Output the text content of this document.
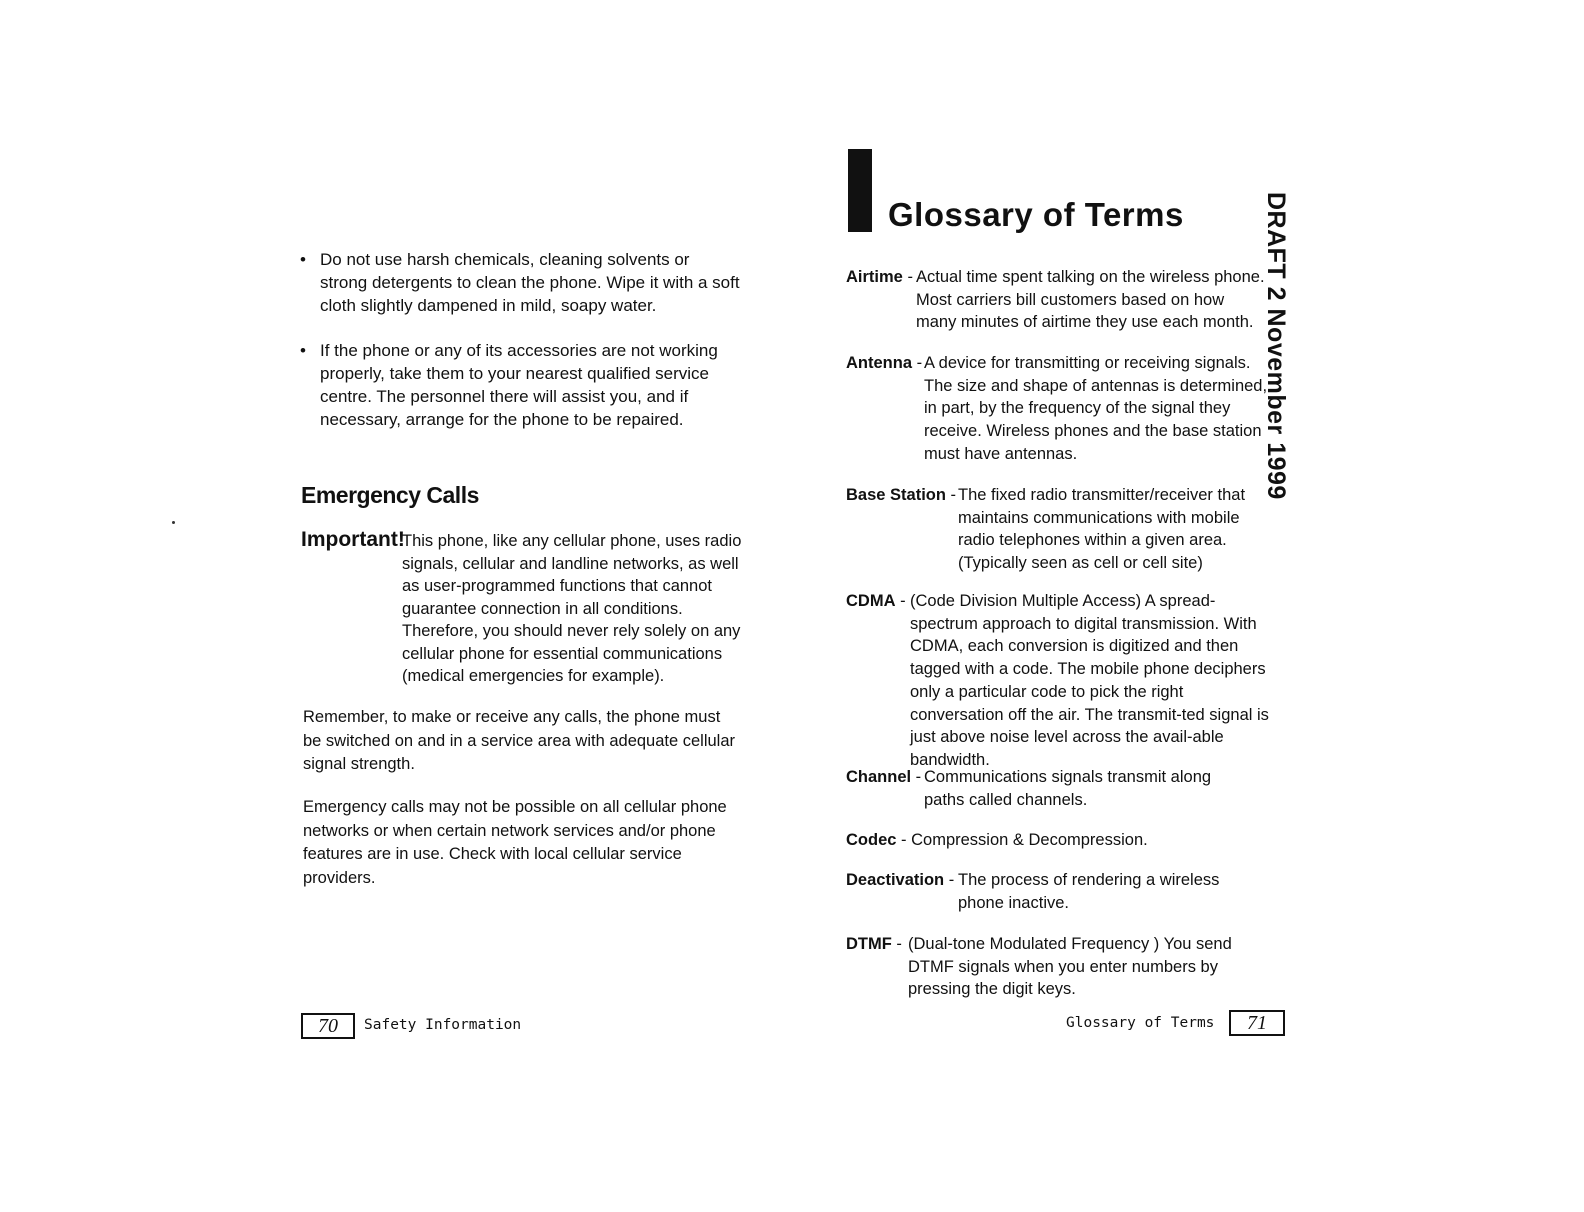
• Do not use harsh chemicals, cleaning solvents or strong detergents to clean the phone. Wipe it with a soft cloth slightly dampened in mild, soapy water.
• If the phone or any of its accessories are not working properly, take them to your nearest qualified service centre. The personnel there will assist you, and if necessary, arrange for the phone to be repaired.
Emergency Calls
Important!
This phone, like any cellular phone, uses radio signals, cellular and landline networks, as well as user-programmed functions that cannot guarantee connection in all conditions. Therefore, you should never rely solely on any cellular phone for essential communications (medical emergencies for example).
Remember, to make or receive any calls, the phone must be switched on and in a service area with adequate cellular signal strength.
Emergency calls may not be possible on all cellular phone networks or when certain network services and/or phone features are in use. Check with local cellular service providers.
70	Safety Information
Glossary of Terms
Airtime - Actual time spent talking on the wireless phone. Most carriers bill customers based on how many minutes of airtime they use each month.
Antenna - A device for transmitting or receiving signals. The size and shape of antennas is determined, in part, by the frequency of the signal they receive. Wireless phones and the base station must have antennas.
Base Station - The fixed radio transmitter/receiver that maintains communications with mobile radio telephones within a given area. (Typically seen as cell or cell site)
CDMA - (Code Division Multiple Access) A spread-spectrum approach to digital transmission. With CDMA, each conversion is digitized and then tagged with a code. The mobile phone deciphers only a particular code to pick the right conversation off the air. The transmit-ted signal is just above noise level across the avail-able bandwidth.
Channel - Communications signals transmit along paths called channels.
Codec - Compression & Decompression.
Deactivation - The process of rendering a wireless phone inactive.
DTMF - (Dual-tone Modulated Frequency ) You send DTMF signals when you enter numbers by pressing the digit keys.
Glossary of Terms	71
DRAFT 2 November 1999
